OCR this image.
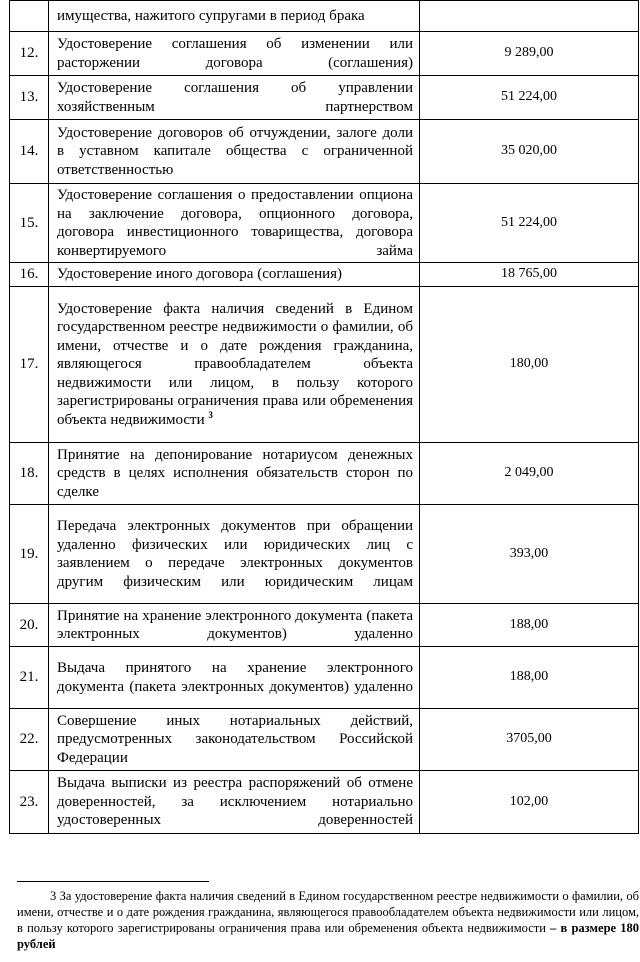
	имущества, нажитого супругами в период брака	
12.	Удостоверение соглашения об изменении или расторжении договора (соглашения)	9 289,00
13.	Удостоверение соглашения об управлении хозяйственным партнерством	51 224,00
14.	Удостоверение договоров об отчуждении, залоге доли в уставном капитале общества с ограниченной ответственностью	35 020,00
15.	Удостоверение соглашения о предоставлении опциона на заключение договора, опционного договора, договора инвестиционного товарищества, договора конвертируемого займа	51 224,00
16.	Удостоверение иного договора (соглашения)	18 765,00
17.	Удостоверение факта наличия сведений в Едином государственном реестре недвижимости о фамилии, об имени, отчестве и о дате рождения гражданина, являющегося правообладателем объекта недвижимости или лицом, в пользу которого зарегистрированы ограничения права или обременения объекта недвижимости $^3$	180,00
18.	Принятие на депонирование нотариусом денежных средств в целях исполнения обязательств сторон по сделке	2 049,00
19.	Передача электронных документов при обращении удаленно физических или юридических лиц с заявлением о передаче электронных документов другим физическим или юридическим лицам	393,00
20.	Принятие на хранение электронного документа (пакета электронных документов) удаленно	188,00
21.	Выдача принятого на хранение электронного документа (пакета электронных документов) удаленно	188,00
22.	Совершение иных нотариальных действий, предусмотренных законодательством Российской Федерации	3705,00
23.	Выдача выписки из реестра распоряжений об отмене доверенностей, за исключением нотариально удостоверенных доверенностей	102,00
3 За удостоверение факта наличия сведений в Едином государственном реестре недвижимости о фамилии, об имени, отчестве и о дате рождения гражданина, являющегося правообладателем объекта недвижимости или лицом, в пользу которого зарегистрированы ограничения права или обременения объекта недвижимости – в размере 180 рублей
